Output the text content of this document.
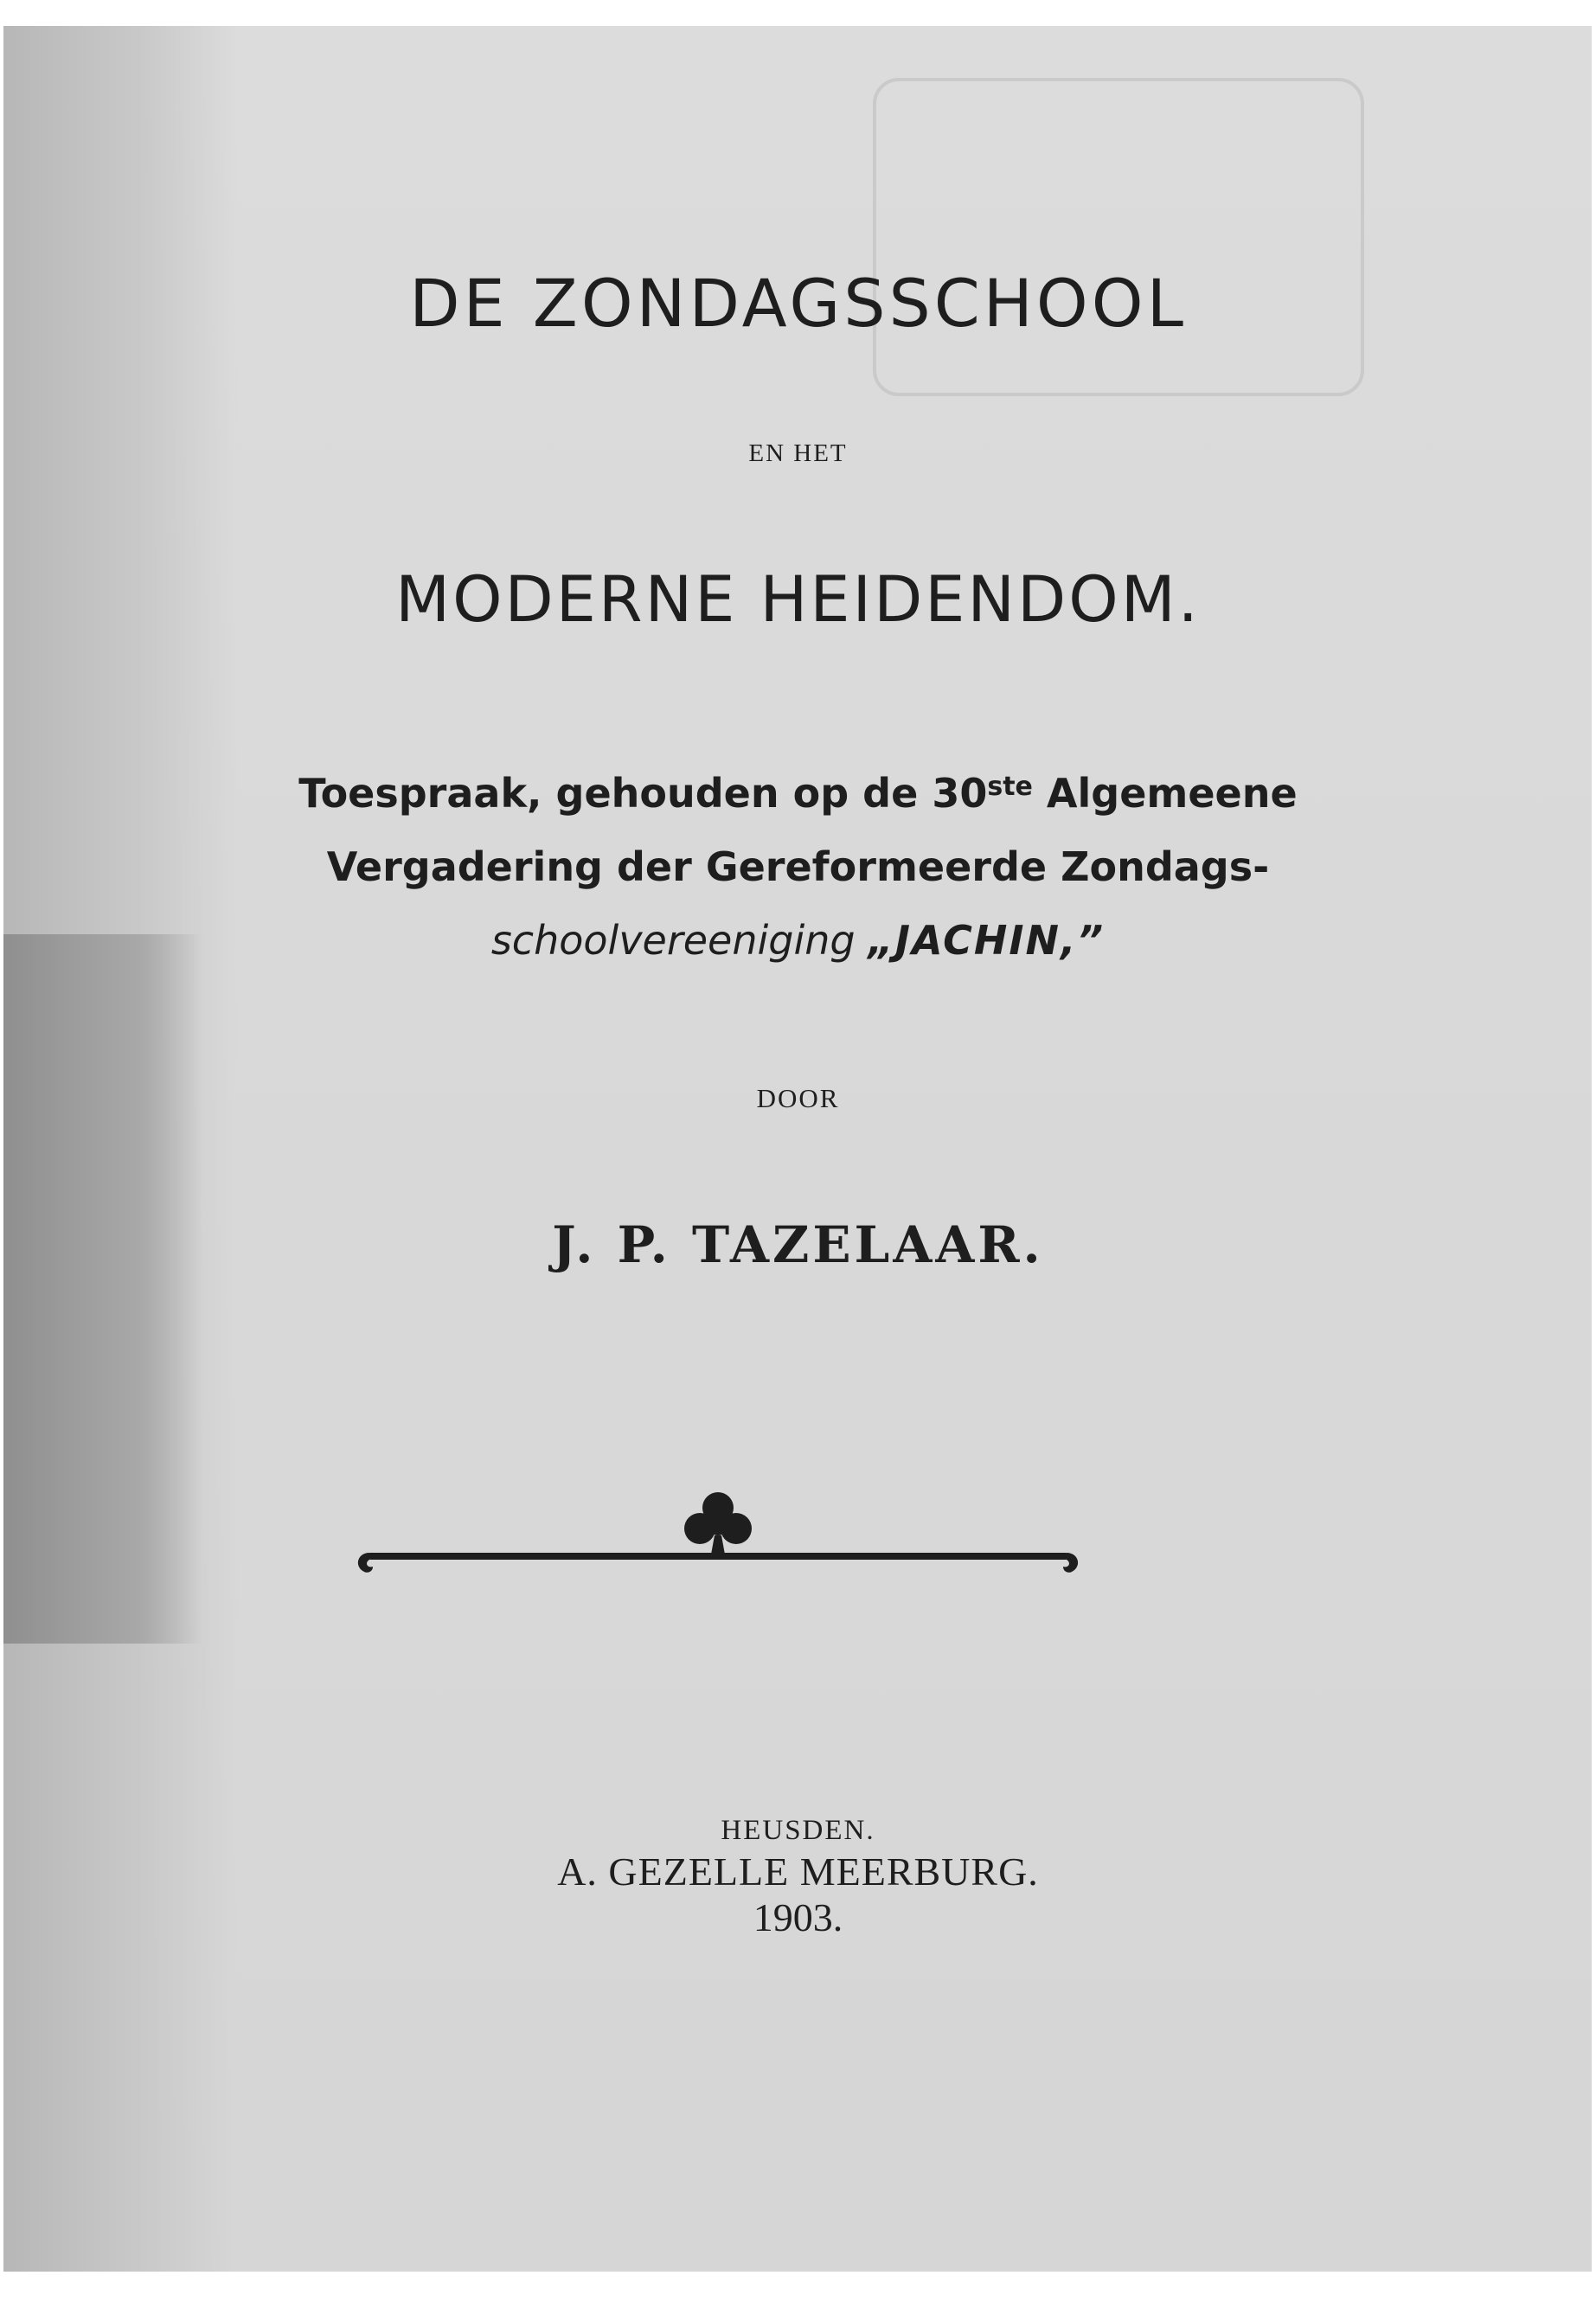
DE ZONDAGSSCHOOL
EN HET
MODERNE HEIDENDOM.
Toespraak, gehouden op de 30ste Algemeene
Vergadering der Gereformeerde Zondags-
schoolvereeniging „JACHIN,”
DOOR
J. P. TAZELAAR.
HEUSDEN.
A. GEZELLE MEERBURG.
1903.
